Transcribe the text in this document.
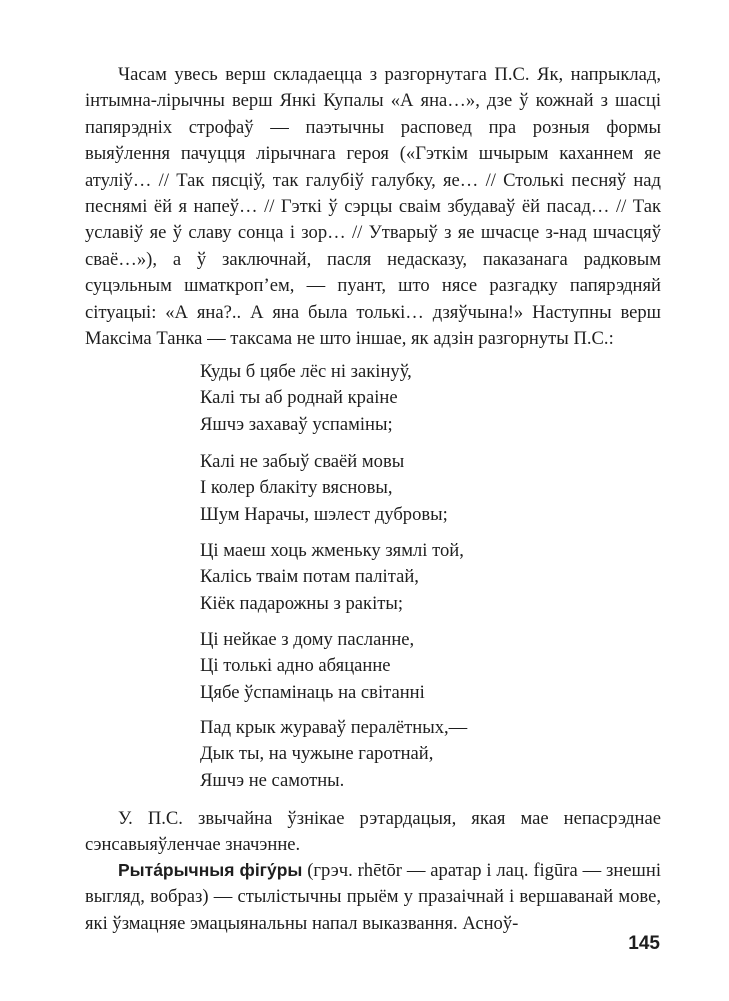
Часам увесь верш складаецца з разгорнутага П.С. Як, напрыклад, інтымна-лірычны верш Янкі Купалы «А яна…», дзе ў кожнай з шасці папярэдніх строфаў — паэтычны расповед пра розныя формы выяўлення пачуцця лірычнага героя («Гэткім шчырым каханнем яе атуліў… // Так пясціў, так галубіў галубку, яе… // Столькі песняў над песнямі ёй я напеў… // Гэткі ў сэрцы сваім збудаваў ёй пасад… // Так уславіў яе ў славу сонца і зор… // Утварыў з яе шчасце з-над шчасцяў сваё…»), а ў заключнай, пасля недасказу, паказанага радковым суцэльным шматкроп’ем, — пуант, што нясе разгадку папярэдняй сітуацыі: «А яна?.. А яна была толькі… дзяўчына!» Наступны верш Максіма Танка — таксама не што іншае, як адзін разгорнуты П.С.:

Куды б цябе лёс ні закінуў,
Калі ты аб роднай краіне
Яшчэ захаваў успаміны;
Калі не забыў сваёй мовы
І колер блакіту вясновы,
Шум Нарачы, шэлест дубровы;
Ці маеш хоць жменьку зямлі той,
Калісь тваім потам палітай,
Кіёк падарожны з ракіты;
Ці нейкае з дому пасланне,
Ці толькі адно абяцанне
Цябе ўспамінаць на світанні
Пад крык жураваў пералётных,—
Дык ты, на чужыне гаротнай,
Яшчэ не самотны.

У. П.С. звычайна ўзнікае рэтардацыя, якая мае непасрэднае сэнсавыяўленчае значэнне.

Рыта́рычныя фігу́ры (грэч. rhētōr — аратар і лац. figūra — знешні выгляд, вобраз) — стылістычны прыём у празаічнай і вершаванай мове, які ўзмацняе эмацыянальны напал выказвання. Асноў-

145
